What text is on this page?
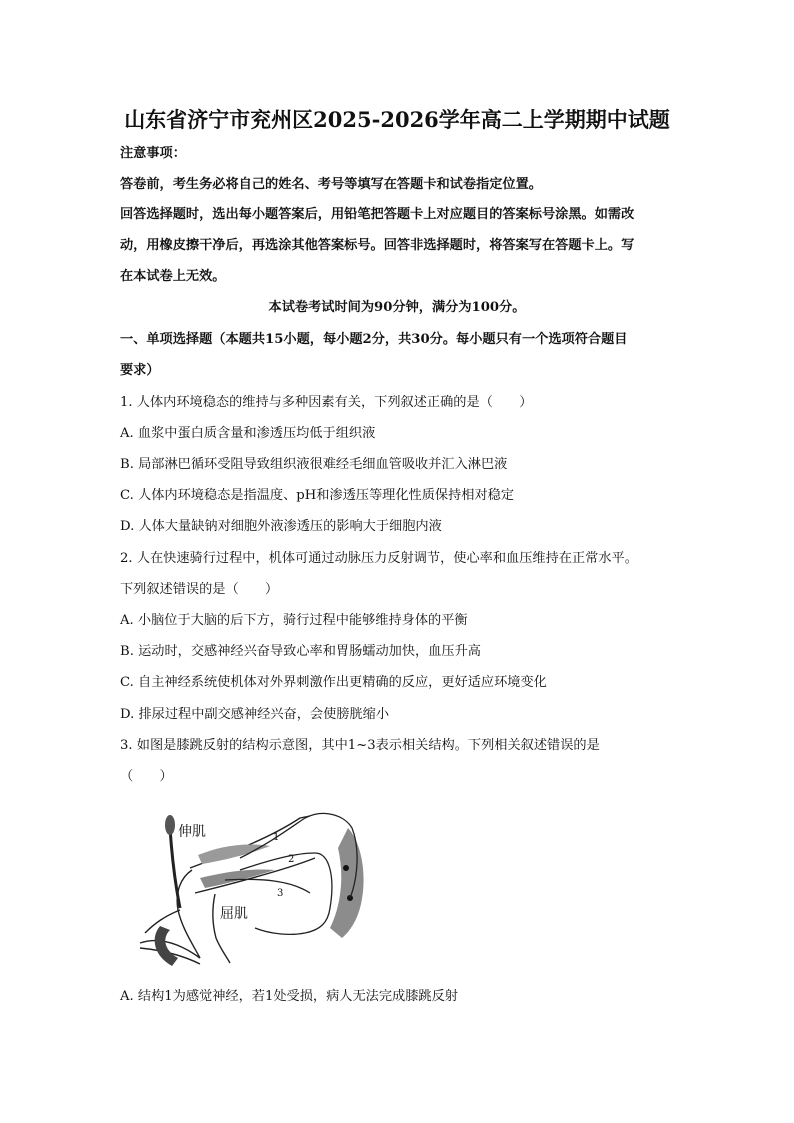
山东省济宁市兖州区2025-2026学年高二上学期期中试题
注意事项：
答卷前，考生务必将自己的姓名、考号等填写在答题卡和试卷指定位置。
回答选择题时，选出每小题答案后，用铅笔把答题卡上对应题目的答案标号涂黑。如需改
动，用橡皮擦干净后，再选涂其他答案标号。回答非选择题时，将答案写在答题卡上。写
在本试卷上无效。
本试卷考试时间为90分钟，满分为100分。
一、单项选择题（本题共15小题，每小题2分，共30分。每小题只有一个选项符合题目
要求）
1. 人体内环境稳态的维持与多种因素有关，下列叙述正确的是（　　）
A. 血浆中蛋白质含量和渗透压均低于组织液
B. 局部淋巴循环受阻导致组织液很难经毛细血管吸收并汇入淋巴液
C. 人体内环境稳态是指温度、pH和渗透压等理化性质保持相对稳定
D. 人体大量缺钠对细胞外液渗透压的影响大于细胞内液
2. 人在快速骑行过程中，机体可通过动脉压力反射调节，使心率和血压维持在正常水平。
下列叙述错误的是（　　）
A. 小脑位于大脑的后下方，骑行过程中能够维持身体的平衡
B. 运动时，交感神经兴奋导致心率和胃肠蠕动加快，血压升高
C. 自主神经系统使机体对外界刺激作出更精确的反应，更好适应环境变化
D. 排尿过程中副交感神经兴奋，会使膀胱缩小
3. 如图是膝跳反射的结构示意图，其中1~3表示相关结构。下列相关叙述错误的是
（　　）
伸肌
屈肌
1
2
3
A. 结构1为感觉神经，若1处受损，病人无法完成膝跳反射
